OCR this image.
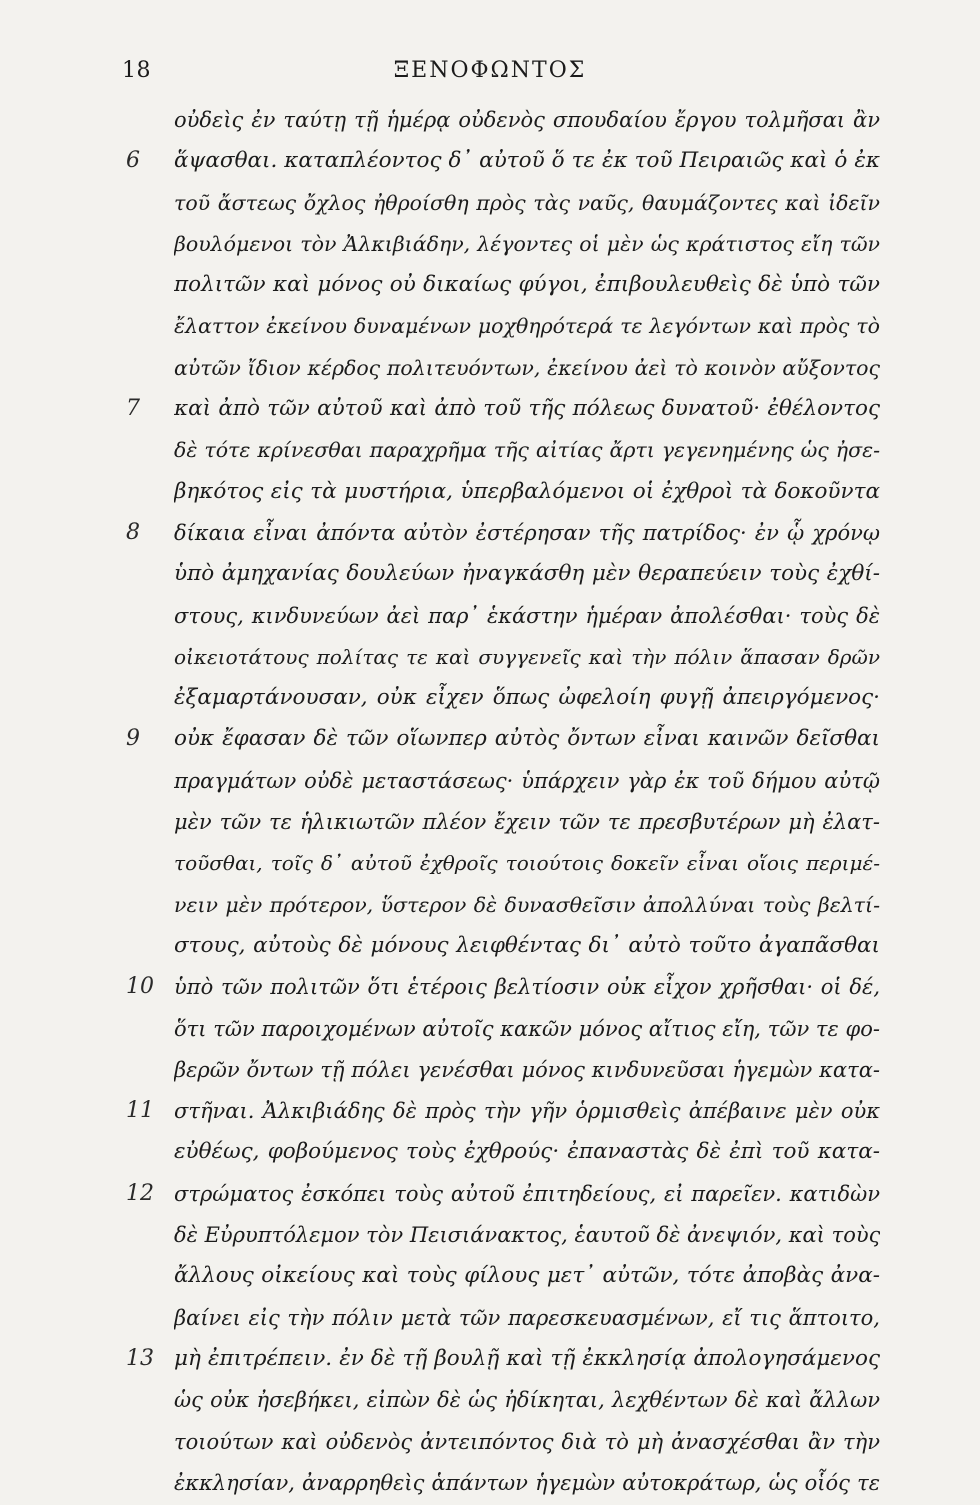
18	ΞΕΝΟΦΩΝΤΟΣ
οὐδεὶς ἐν ταύτῃ τῇ ἡμέρᾳ οὐδενὸς σπουδαίου ἔργου τολμῆσαι ἂν
6	ἅψασθαι. καταπλέοντος δ᾽ αὐτοῦ ὅ τε ἐκ τοῦ Πειραιῶς καὶ ὁ ἐκ
τοῦ ἄστεως ὄχλος ἠθροίσθη πρὸς τὰς ναῦς, θαυμάζοντες καὶ ἰδεῖν
βουλόμενοι τὸν Ἀλκιβιάδην, λέγοντες οἱ μὲν ὡς κράτιστος εἴη τῶν
πολιτῶν καὶ μόνος οὐ δικαίως φύγοι, ἐπιβουλευθεὶς δὲ ὑπὸ τῶν
ἔλαττον ἐκείνου δυναμένων μοχθηρότερά τε λεγόντων καὶ πρὸς τὸ
αὐτῶν ἴδιον κέρδος πολιτευόντων, ἐκείνου ἀεὶ τὸ κοινὸν αὔξοντος
7	καὶ ἀπὸ τῶν αὐτοῦ καὶ ἀπὸ τοῦ τῆς πόλεως δυνατοῦ· ἐθέλοντος
δὲ τότε κρίνεσθαι παραχρῆμα τῆς αἰτίας ἄρτι γεγενημένης ὡς ἠσε-
βηκότος εἰς τὰ μυστήρια, ὑπερβαλόμενοι οἱ ἐχθροὶ τὰ δοκοῦντα
8	δίκαια εἶναι ἀπόντα αὐτὸν ἐστέρησαν τῆς πατρίδος· ἐν ᾧ χρόνῳ
ὑπὸ ἀμηχανίας δουλεύων ἠναγκάσθη μὲν θεραπεύειν τοὺς ἐχθί-
στους, κινδυνεύων ἀεὶ παρ᾽ ἑκάστην ἡμέραν ἀπολέσθαι· τοὺς δὲ
οἰκειοτάτους πολίτας τε καὶ συγγενεῖς καὶ τὴν πόλιν ἅπασαν δρῶν
ἐξαμαρτάνουσαν, οὐκ εἶχεν ὅπως ὠφελοίη φυγῇ ἀπειργόμενος·
9	οὐκ ἔφασαν δὲ τῶν οἵωνπερ αὐτὸς ὄντων εἶναι καινῶν δεῖσθαι
πραγμάτων οὐδὲ μεταστάσεως· ὑπάρχειν γὰρ ἐκ τοῦ δήμου αὐτῷ
μὲν τῶν τε ἡλικιωτῶν πλέον ἔχειν τῶν τε πρεσβυτέρων μὴ ἐλατ-
τοῦσθαι, τοῖς δ᾽ αὐτοῦ ἐχθροῖς τοιούτοις δοκεῖν εἶναι οἵοις περιμέ-
νειν μὲν πρότερον, ὕστερον δὲ δυνασθεῖσιν ἀπολλύναι τοὺς βελτί-
στους, αὐτοὺς δὲ μόνους λειφθέντας δι᾽ αὐτὸ τοῦτο ἀγαπᾶσθαι
10 ὑπὸ τῶν πολιτῶν ὅτι ἑτέροις βελτίοσιν οὐκ εἶχον χρῆσθαι· οἱ δέ,
ὅτι τῶν παροιχομένων αὐτοῖς κακῶν μόνος αἴτιος εἴη, τῶν τε φο-
βερῶν ὄντων τῇ πόλει γενέσθαι μόνος κινδυνεῦσαι ἡγεμὼν κατα-
11 στῆναι. Ἀλκιβιάδης δὲ πρὸς τὴν γῆν ὁρμισθεὶς ἀπέβαινε μὲν οὐκ
εὐθέως, φοβούμενος τοὺς ἐχθρούς· ἐπαναστὰς δὲ ἐπὶ τοῦ κατα-
12 στρώματος ἐσκόπει τοὺς αὐτοῦ ἐπιτηδείους, εἰ παρεῖεν. κατιδὼν
δὲ Εὐρυπτόλεμον τὸν Πεισιάνακτος, ἑαυτοῦ δὲ ἀνεψιόν, καὶ τοὺς
ἄλλους οἰκείους καὶ τοὺς φίλους μετ᾽ αὐτῶν, τότε ἀποβὰς ἀνα-
βαίνει εἰς τὴν πόλιν μετὰ τῶν παρεσκευασμένων, εἴ τις ἅπτοιτο,
13 μὴ ἐπιτρέπειν. ἐν δὲ τῇ βουλῇ καὶ τῇ ἐκκλησίᾳ ἀπολογησάμενος
ὡς οὐκ ἠσεβήκει, εἰπὼν δὲ ὡς ἠδίκηται, λεχθέντων δὲ καὶ ἄλλων
τοιούτων καὶ οὐδενὸς ἀντειπόντος διὰ τὸ μὴ ἀνασχέσθαι ἂν τὴν
ἐκκλησίαν, ἀναρρηθεὶς ἁπάντων ἡγεμὼν αὐτοκράτωρ, ὡς οἷός τε
